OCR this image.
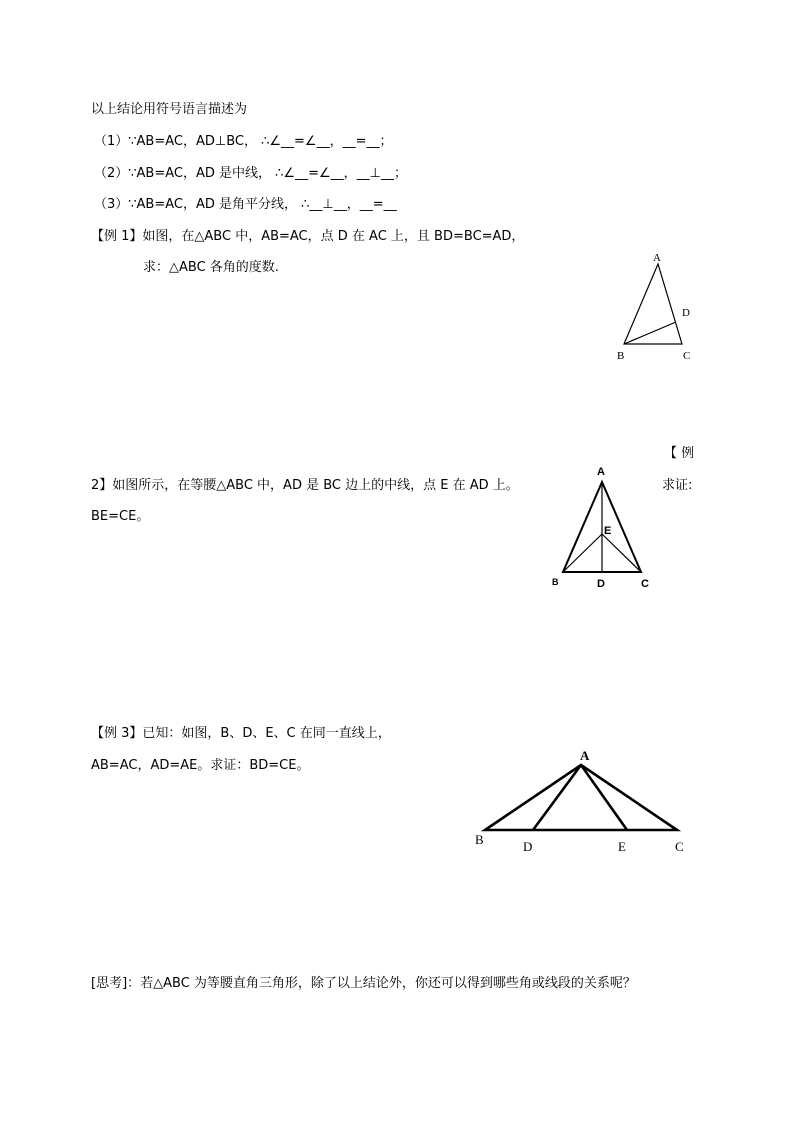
以上结论用符号语言描述为
（1）∵AB=AC，AD⊥BC， ∴∠__=∠__，__=__；
（2）∵AB=AC，AD 是中线， ∴∠__=∠__，__⊥__；
（3）∵AB=AC，AD 是角平分线， ∴__⊥__，__=__
【例 1】如图，在△ABC 中，AB=AC，点 D 在 AC 上，且 BD=BC=AD，
求：△ABC 各角的度数.
A
D
B	C
A
E
B	D	C
A
B	D	E	C
【 例
2】如图所示，在等腰△ABC 中，AD 是 BC 边上的中线，点 E 在 AD 上。	求证:
BE=CE。
【例 3】已知：如图，B、D、E、C 在同一直线上，
AB=AC，AD=AE。求证：BD=CE。
[思考]：若△ABC 为等腰直角三角形，除了以上结论外，你还可以得到哪些角或线段的关系呢？
